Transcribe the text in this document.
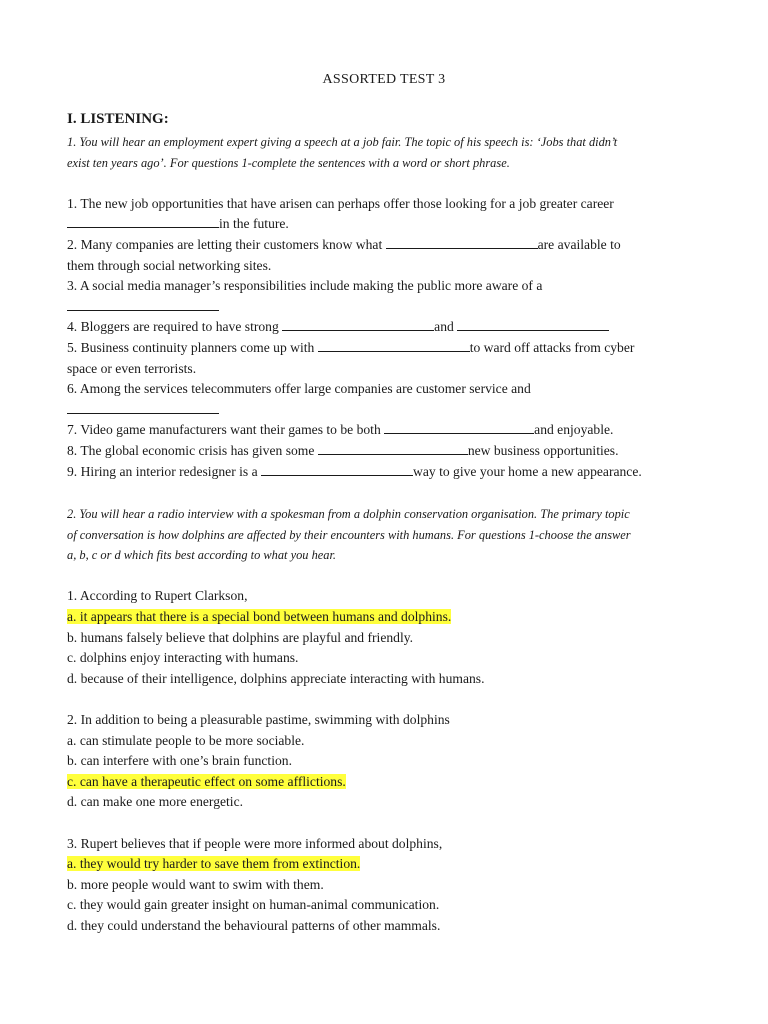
ASSORTED TEST 3
I. LISTENING:

1. You will hear an employment expert giving a speech at a job fair. The topic of his speech is: ‘Jobs that didn’t

exist ten years ago’. For questions 1-complete the sentences with a word or short phrase.

1. The new job opportunities that have arisen can perhaps offer those looking for a job greater career

in the future.

2. Many companies are letting their customers know what	are available to

them through social networking sites.

3. A social media manager’s responsibilities include making the public more aware of a

4. Bloggers are required to have strong	and

5. Business continuity planners come up with	to ward off attacks from cyber

space or even terrorists.

6. Among the services telecommuters offer large companies are customer service and

7. Video game manufacturers want their games to be both	and enjoyable.

8. The global economic crisis has given some	new business opportunities.

9. Hiring an interior redesigner is a	way to give your home a new appearance.

2. You will hear a radio interview with a spokesman from a dolphin conservation organisation. The primary topic

of conversation is how dolphins are affected by their encounters with humans. For questions 1-choose the answer

a, b, c or d which fits best according to what you hear.

1. According to Rupert Clarkson,

a. it appears that there is a special bond between humans and dolphins.

b. humans falsely believe that dolphins are playful and friendly.

c. dolphins enjoy interacting with humans.

d. because of their intelligence, dolphins appreciate interacting with humans.

2. In addition to being a pleasurable pastime, swimming with dolphins

a. can stimulate people to be more sociable.

b. can interfere with one’s brain function.

c. can have a therapeutic effect on some afflictions.

d. can make one more energetic.

3. Rupert believes that if people were more informed about dolphins,

a. they would try harder to save them from extinction.

b. more people would want to swim with them.

c. they would gain greater insight on human-animal communication.

d. they could understand the behavioural patterns of other mammals.
